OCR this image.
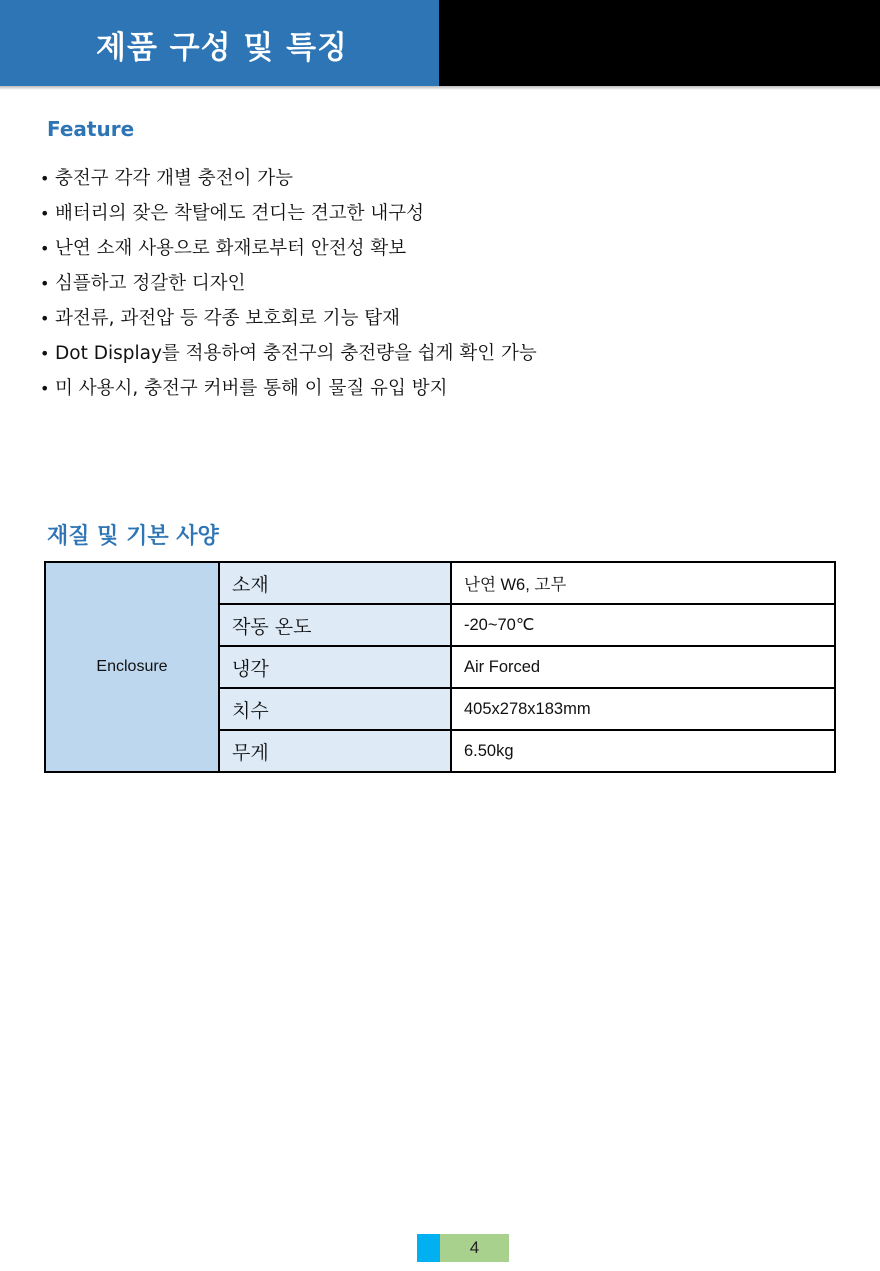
제품 구성 및 특징
Feature
• 충전구 각각 개별 충전이 가능
• 배터리의 잦은 착탈에도 견디는 견고한 내구성
• 난연 소재 사용으로 화재로부터 안전성 확보
• 심플하고 정갈한 디자인
• 과전류, 과전압 등 각종 보호회로 기능 탑재
• Dot Display를 적용하여 충전구의 충전량을 쉽게 확인 가능
• 미 사용시, 충전구 커버를 통해 이 물질 유입 방지
재질 및 기본 사양
Enclosure	소재	난연 W6, 고무
	작동 온도	-20~70℃
	냉각	Air Forced
	치수	405x278x183mm
	무게	6.50kg
4
